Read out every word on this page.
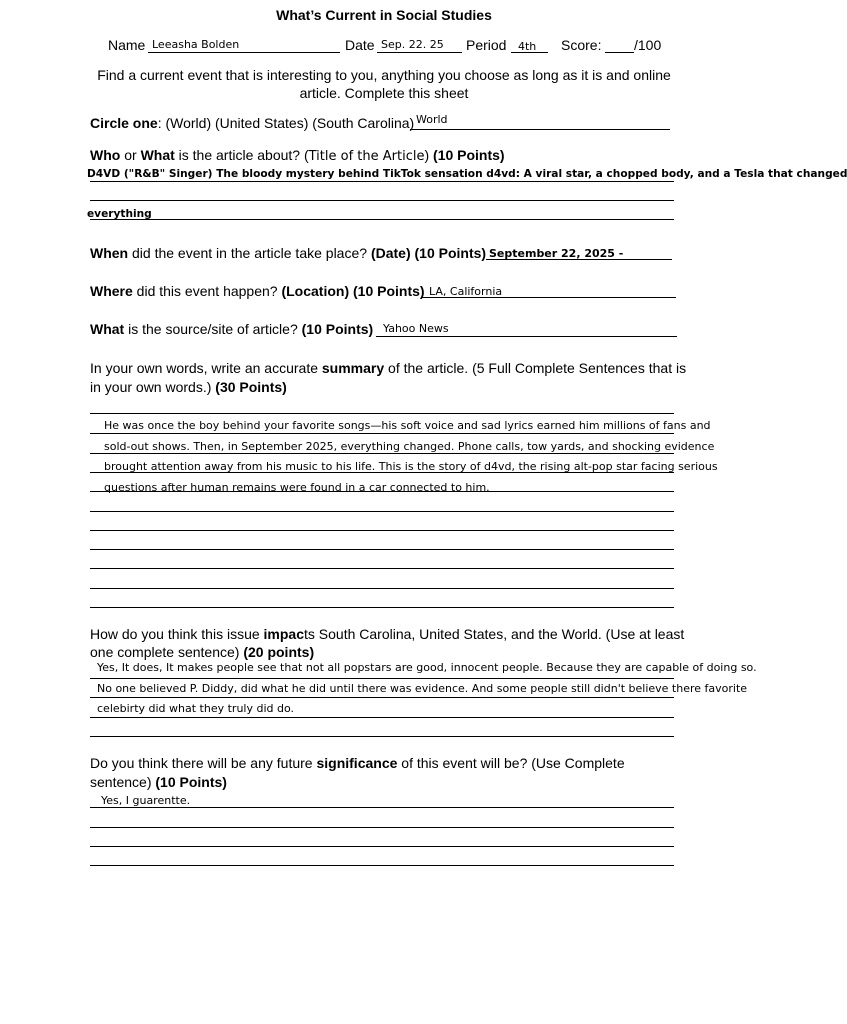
What’s Current in Social Studies
Name Leeasha Bolden	Date Sep. 22. 25 Period 4th Score: /100
Find a current event that is interesting to you, anything you choose as long as it is and online
article. Complete this sheet
Circle one: (World) (United States) (South Carolina) World
Who or What is the article about? (Title of the Article) (10 Points)
D4VD ("R&B" Singer) The bloody mystery behind TikTok sensation d4vd: A viral star, a chopped body, and a Tesla that changed
everything
When did the event in the article take place? (Date) (10 Points) September 22, 2025 -
Where did this event happen? (Location) (10 Points) LA, California
What is the source/site of article? (10 Points) Yahoo News
In your own words, write an accurate summary of the article. (5 Full Complete Sentences that is
in your own words.) (30 Points)
He was once the boy behind your favorite songs—his soft voice and sad lyrics earned him millions of fans and
sold-out shows. Then, in September 2025, everything changed. Phone calls, tow yards, and shocking evidence
brought attention away from his music to his life. This is the story of d4vd, the rising alt-pop star facing serious
questions after human remains were found in a car connected to him.
How do you think this issue impacts South Carolina, United States, and the World. (Use at least
one complete sentence) (20 points)
Yes, It does, It makes people see that not all popstars are good, innocent people. Because they are capable of doing so.
No one believed P. Diddy, did what he did until there was evidence. And some people still didn't believe there favorite
celebirty did what they truly did do.
Do you think there will be any future significance of this event will be? (Use Complete
sentence) (10 Points)
Yes, I guarentte.
